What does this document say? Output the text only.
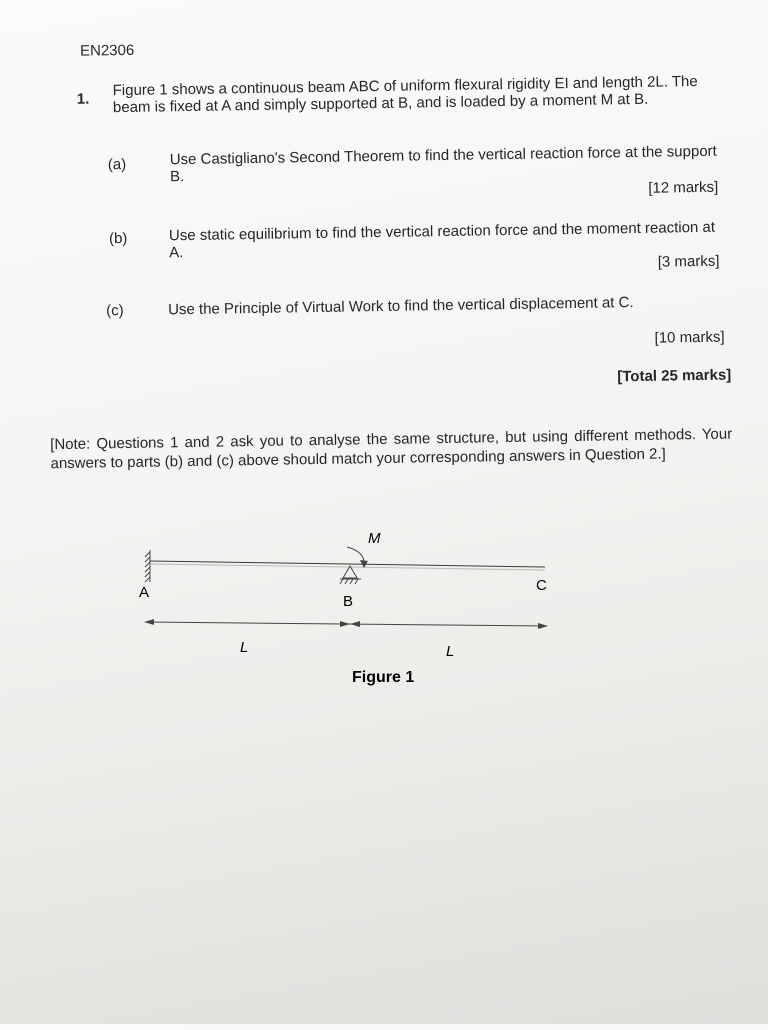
EN2306
1. Figure 1 shows a continuous beam ABC of uniform flexural rigidity EI and length 2L. The beam is fixed at A and simply supported at B, and is loaded by a moment M at B.
(a)	Use Castigliano's Second Theorem to find the vertical reaction force at the support B.
[12 marks]
(b)	Use static equilibrium to find the vertical reaction force and the moment reaction at A.	[3 marks]
(c)	Use the Principle of Virtual Work to find the vertical displacement at C.
[10 marks]
[Total 25 marks]
[Note: Questions 1 and 2 ask you to analyse the same structure, but using different methods. Your answers to parts (b) and (c) above should match your corresponding answers in Question 2.]
M
A
B
C
L	L
Figure 1
